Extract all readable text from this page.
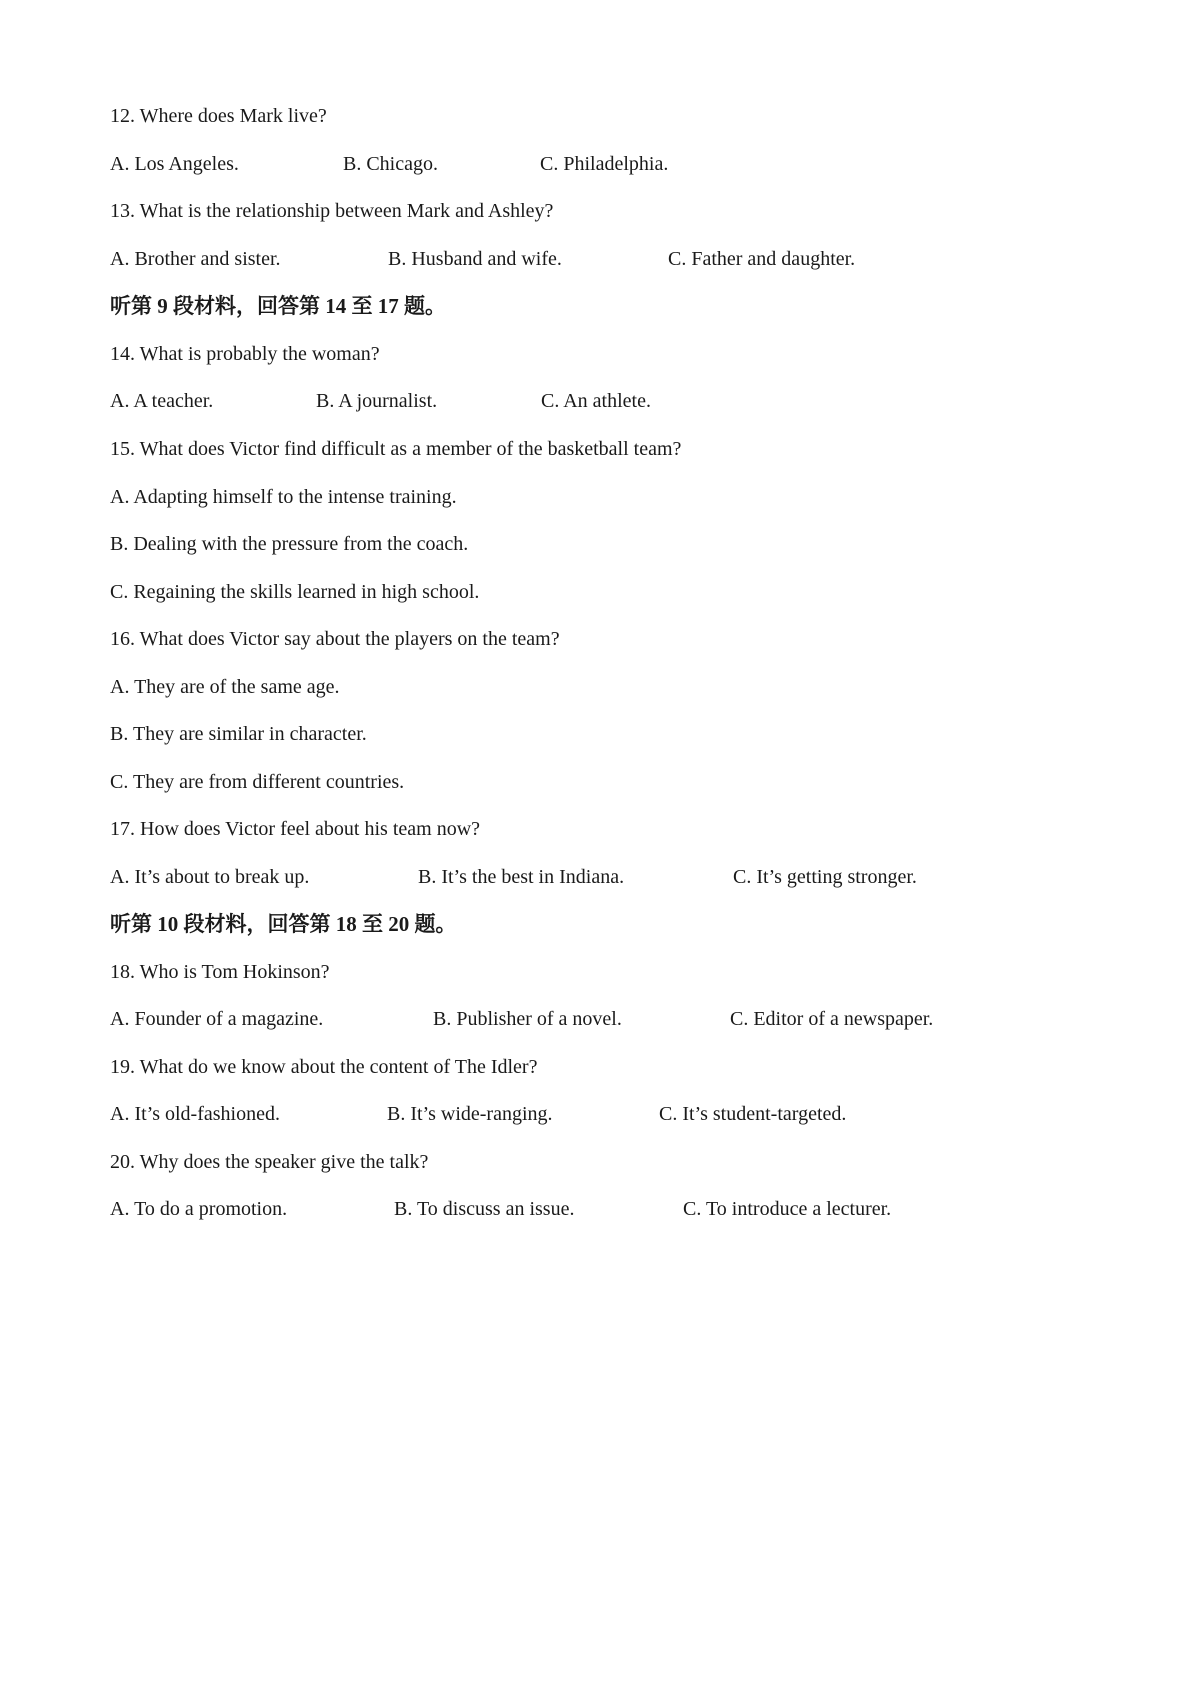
12. Where does Mark live?
A. Los Angeles.	B. Chicago.	C. Philadelphia.
13. What is the relationship between Mark and Ashley?
A. Brother and sister.	B. Husband and wife.	C. Father and daughter.
听第 9 段材料，回答第 14 至 17 题。
14. What is probably the woman?
A. A teacher.	B. A journalist.	C. An athlete.
15. What does Victor find difficult as a member of the basketball team?
A. Adapting himself to the intense training.
B. Dealing with the pressure from the coach.
C. Regaining the skills learned in high school.
16. What does Victor say about the players on the team?
A. They are of the same age.
B. They are similar in character.
C. They are from different countries.
17. How does Victor feel about his team now?
A. It’s about to break up.	B. It’s the best in Indiana.	C. It’s getting stronger.
听第 10 段材料，回答第 18 至 20 题。
18. Who is Tom Hokinson?
A. Founder of a magazine.	B. Publisher of a novel.	C. Editor of a newspaper.
19. What do we know about the content of The Idler?
A. It’s old-fashioned.	B. It’s wide-ranging.	C. It’s student-targeted.
20. Why does the speaker give the talk?
A. To do a promotion.	B. To discuss an issue.	C. To introduce a lecturer.
